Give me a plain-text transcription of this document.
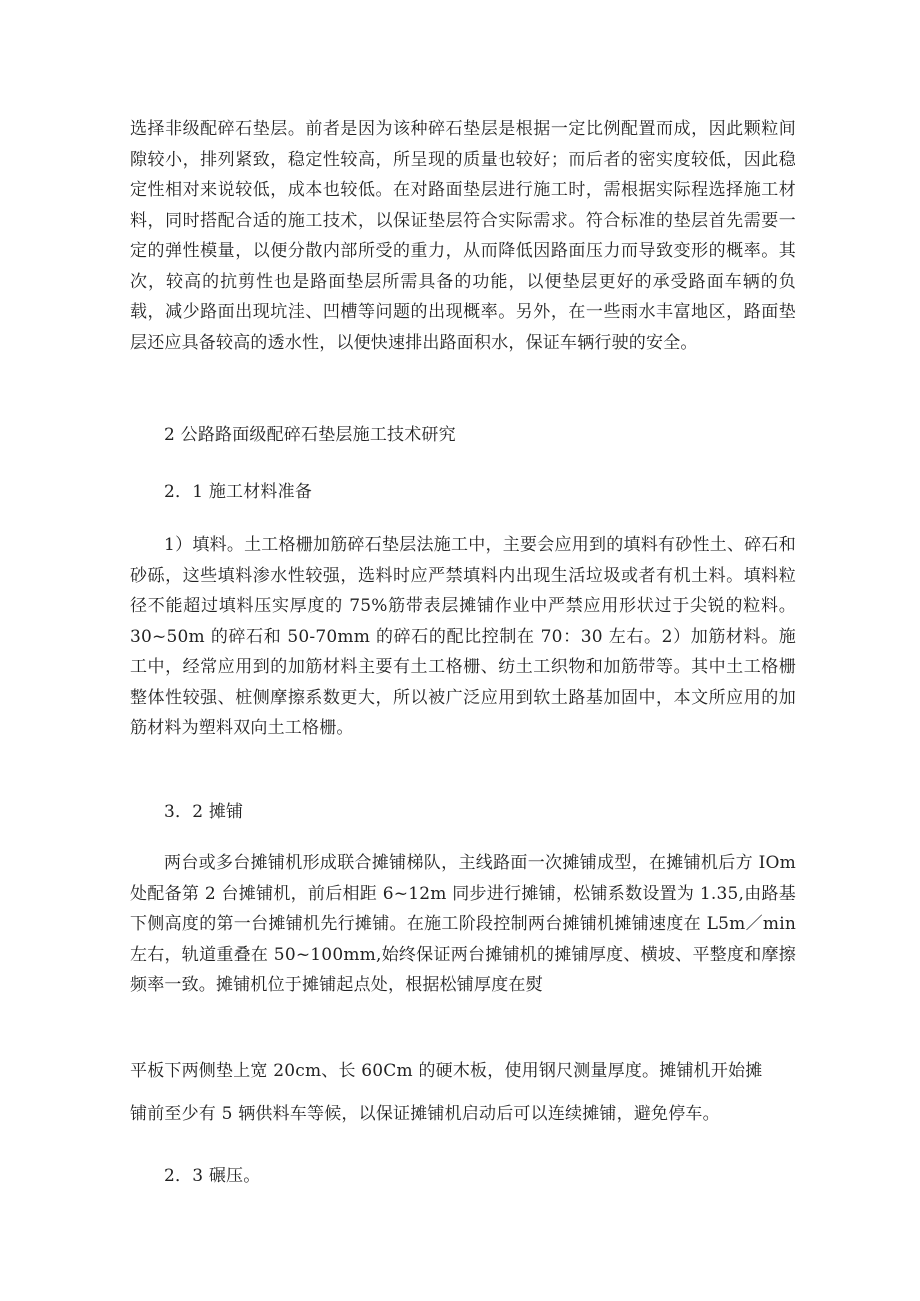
选择非级配碎石垫层。前者是因为该种碎石垫层是根据一定比例配置而成，因此颗粒间隙较小，排列紧致，稳定性较高，所呈现的质量也较好；而后者的密实度较低，因此稳定性相对来说较低，成本也较低。在对路面垫层进行施工时，需根据实际程选择施工材料，同时搭配合适的施工技术，以保证垫层符合实际需求。符合标准的垫层首先需要一定的弹性模量，以便分散内部所受的重力，从而降低因路面压力而导致变形的概率。其次，较高的抗剪性也是路面垫层所需具备的功能，以便垫层更好的承受路面车辆的负载，减少路面出现坑洼、凹槽等问题的出现概率。另外，在一些雨水丰富地区，路面垫层还应具备较高的透水性，以便快速排出路面积水，保证车辆行驶的安全。

2 公路路面级配碎石垫层施工技术研究
2．1 施工材料准备

1）填料。土工格栅加筋碎石垫层法施工中，主要会应用到的填料有砂性土、碎石和砂砾，这些填料渗水性较强，选料时应严禁填料内出现生活垃圾或者有机土料。填料粒径不能超过填料压实厚度的 75%筋带表层摊铺作业中严禁应用形状过于尖锐的粒料。30~50m 的碎石和 50-70mm 的碎石的配比控制在 70：30 左右。2）加筋材料。施工中，经常应用到的加筋材料主要有土工格栅、纺土工织物和加筋带等。其中土工格栅整体性较强、桩侧摩擦系数更大，所以被广泛应用到软土路基加固中，本文所应用的加筋材料为塑料双向土工格栅。

3．2 摊铺

两台或多台摊铺机形成联合摊铺梯队，主线路面一次摊铺成型，在摊铺机后方 IOm 处配备第 2 台摊铺机，前后相距 6~12m 同步进行摊铺，松铺系数设置为 1.35,由路基下侧高度的第一台摊铺机先行摊铺。在施工阶段控制两台摊铺机摊铺速度在 L5m／min 左右，轨道重叠在 50~100mm,始终保证两台摊铺机的摊铺厚度、横坡、平整度和摩擦频率一致。摊铺机位于摊铺起点处，根据松铺厚度在熨

平板下两侧垫上宽 20cm、长 60Cm 的硬木板，使用钢尺测量厚度。摊铺机开始摊
铺前至少有 5 辆供料车等候，以保证摊铺机启动后可以连续摊铺，避免停车。
2．3 碾压。
